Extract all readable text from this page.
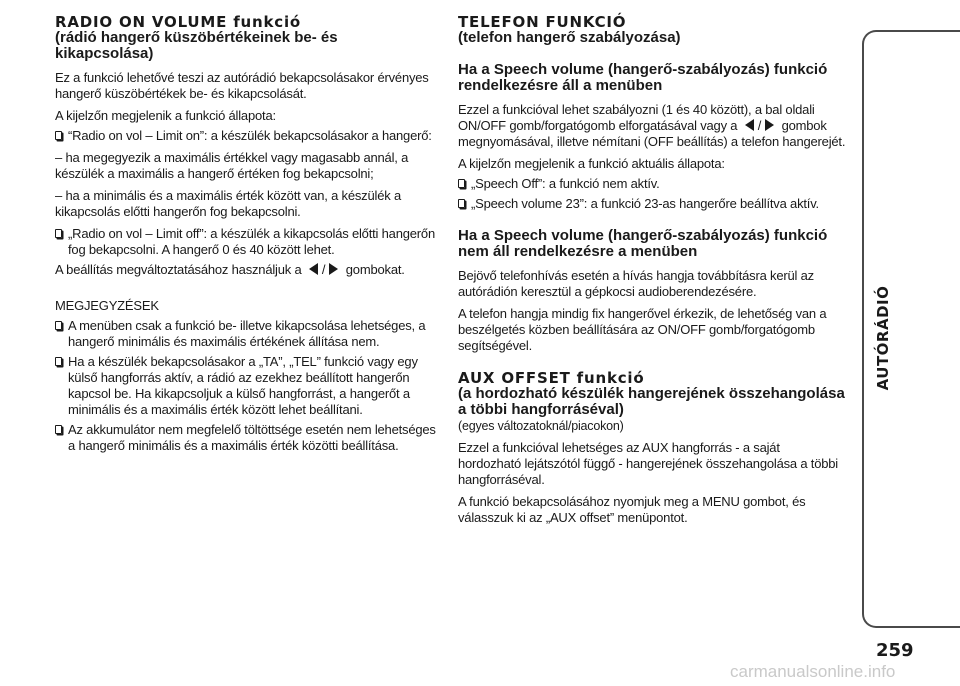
RADIO ON VOLUME funkció
(rádió hangerő küszöbértékeinek be- és
kikapcsolása)

Ez a funkció lehetővé teszi az autórádió bekapcsolásakor érvényes hangerő küszöbértékek be- és kikapcsolását.

A kijelzőn megjelenik a funkció állapota:

“Radio on vol – Limit on”: a készülék bekapcsolásakor a hangerő:

– ha megegyezik a maximális értékkel vagy magasabb annál, a készülék a maximális a hangerő értéken fog bekapcsolni;

– ha a minimális és a maximális érték között van, a készülék a kikapcsolás előtti hangerőn fog bekapcsolni.

„Radio on vol – Limit off”: a készülék a kikapcsolás előtti hangerőn fog bekapcsolni. A hangerő 0 és 40 között lehet.

A beállítás megváltoztatásához használjuk a / gombokat.

MEGJEGYZÉSEK

A menüben csak a funkció be- illetve kikapcsolása lehetséges, a hangerő minimális és maximális értékének állítása nem.
Ha a készülék bekapcsolásakor a „TA”, „TEL” funkció vagy egy külső hangforrás aktív, a rádió az ezekhez beállított hangerőn kapcsol be. Ha kikapcsoljuk a külső hangforrást, a hangerőt a minimális és a maximális érték között lehet beállítani.
Az akkumulátor nem megfelelő töltöttsége esetén nem lehetséges a hangerő minimális és a maximális érték közötti beállítása.
TELEFON FUNKCIÓ
(telefon hangerő szabályozása)
Ha a Speech volume (hangerő-szabályozás) funkció rendelkezésre áll a menüben

Ezzel a funkcióval lehet szabályozni (1 és 40 között), a bal oldali ON/OFF gomb/forgatógomb elforgatásával vagy a / gombok megnyomásával, illetve némítani (OFF beállítás) a telefon hangerejét.

A kijelzőn megjelenik a funkció aktuális állapota:

„Speech Off”: a funkció nem aktív.
„Speech volume 23”: a funkció 23-as hangerőre beállítva aktív.
Ha a Speech volume (hangerő-szabályozás) funkció nem áll rendelkezésre a menüben

Bejövő telefonhívás esetén a hívás hangja továbbításra kerül az autórádión keresztül a gépkocsi audioberendezésére.

A telefon hangja mindig fix hangerővel érkezik, de lehetőség van a beszélgetés közben beállítására az ON/OFF gomb/forgatógomb segítségével.

AUX OFFSET funkció
(a hordozható készülék hangerejének összehangolása a többi hangforráséval)

(egyes változatoknál/piacokon)

Ezzel a funkcióval lehetséges az AUX hangforrás - a saját hordozható lejátszótól függő - hangerejének összehangolása a többi hangforráséval.

A funkció bekapcsolásához nyomjuk meg a MENU gombot, és válasszuk ki az „AUX offset” menüpontot.

AUTÓRÁDIÓ
259
carmanualsonline.info
